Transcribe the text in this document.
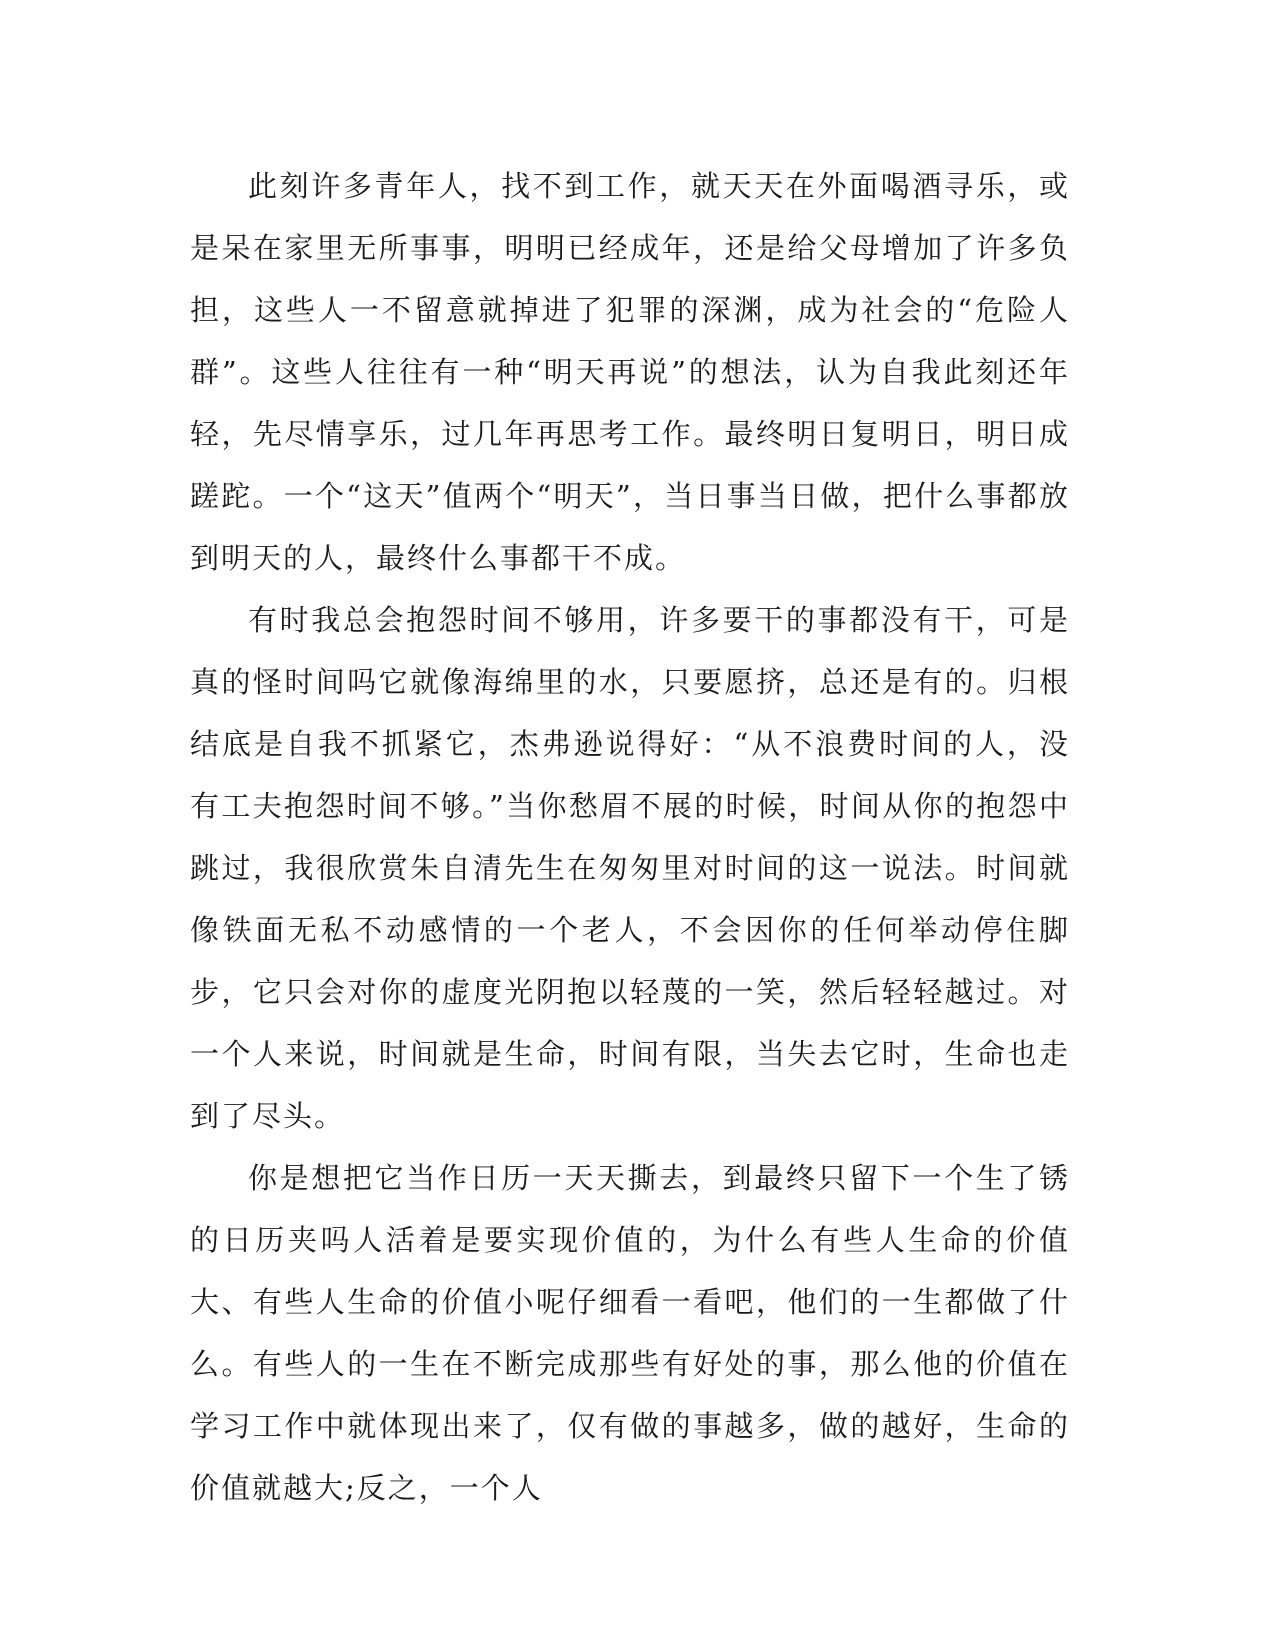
此刻许多青年人，找不到工作，就天天在外面喝酒寻乐，或是呆在家里无所事事，明明已经成年，还是给父母增加了许多负担，这些人一不留意就掉进了犯罪的深渊，成为社会的“危险人群”。这些人往往有一种“明天再说”的想法，认为自我此刻还年轻，先尽情享乐，过几年再思考工作。最终明日复明日，明日成蹉跎。一个“这天”值两个“明天”，当日事当日做，把什么事都放到明天的人，最终什么事都干不成。

有时我总会抱怨时间不够用，许多要干的事都没有干，可是真的怪时间吗它就像海绵里的水，只要愿挤，总还是有的。归根结底是自我不抓紧它，杰弗逊说得好：“从不浪费时间的人，没有工夫抱怨时间不够。”当你愁眉不展的时候，时间从你的抱怨中跳过，我很欣赏朱自清先生在匆匆里对时间的这一说法。时间就像铁面无私不动感情的一个老人，不会因你的任何举动停住脚步，它只会对你的虚度光阴抱以轻蔑的一笑，然后轻轻越过。对一个人来说，时间就是生命，时间有限，当失去它时，生命也走到了尽头。

你是想把它当作日历一天天撕去，到最终只留下一个生了锈的日历夹吗人活着是要实现价值的，为什么有些人生命的价值大、有些人生命的价值小呢仔细看一看吧，他们的一生都做了什么。有些人的一生在不断完成那些有好处的事，那么他的价值在学习工作中就体现出来了，仅有做的事越多，做的越好，生命的价值就越大;反之，一个人
